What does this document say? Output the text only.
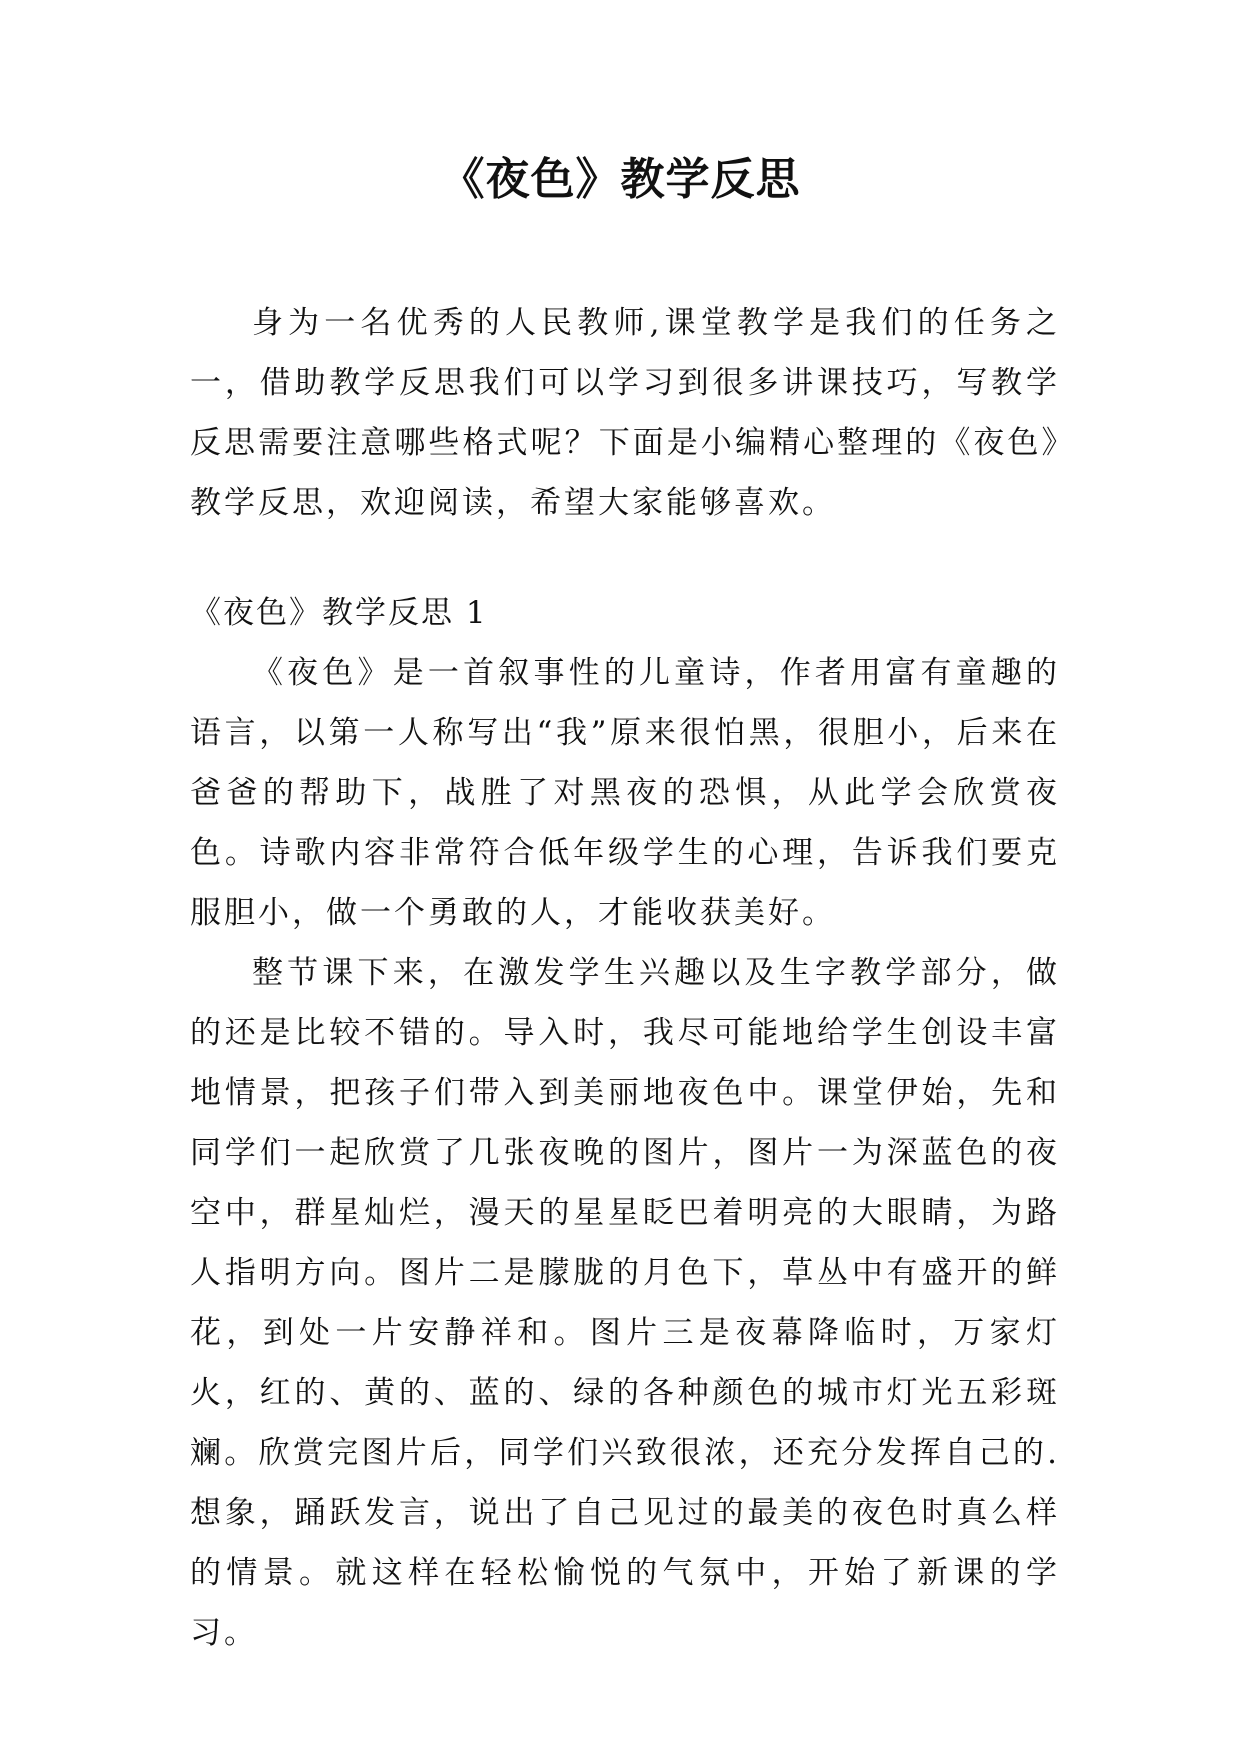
《夜色》教学反思

身为一名优秀的人民教师,课堂教学是我们的任务之一，借助教学反思我们可以学习到很多讲课技巧，写教学反思需要注意哪些格式呢？下面是小编精心整理的《夜色》教学反思，欢迎阅读，希望大家能够喜欢。

《夜色》教学反思 1

《夜色》是一首叙事性的儿童诗，作者用富有童趣的语言，以第一人称写出“我”原来很怕黑，很胆小，后来在爸爸的帮助下，战胜了对黑夜的恐惧，从此学会欣赏夜色。诗歌内容非常符合低年级学生的心理，告诉我们要克服胆小，做一个勇敢的人，才能收获美好。

整节课下来，在激发学生兴趣以及生字教学部分，做的还是比较不错的。导入时，我尽可能地给学生创设丰富地情景，把孩子们带入到美丽地夜色中。课堂伊始，先和同学们一起欣赏了几张夜晚的图片，图片一为深蓝色的夜空中，群星灿烂，漫天的星星眨巴着明亮的大眼睛，为路人指明方向。图片二是朦胧的月色下，草丛中有盛开的鲜花，到处一片安静祥和。图片三是夜幕降临时，万家灯火，红的、黄的、蓝的、绿的各种颜色的城市灯光五彩斑斓。欣赏完图片后，同学们兴致很浓，还充分发挥自己的.想象，踊跃发言，说出了自己见过的最美的夜色时真么样的情景。就这样在轻松愉悦的气氛中，开始了新课的学习。
